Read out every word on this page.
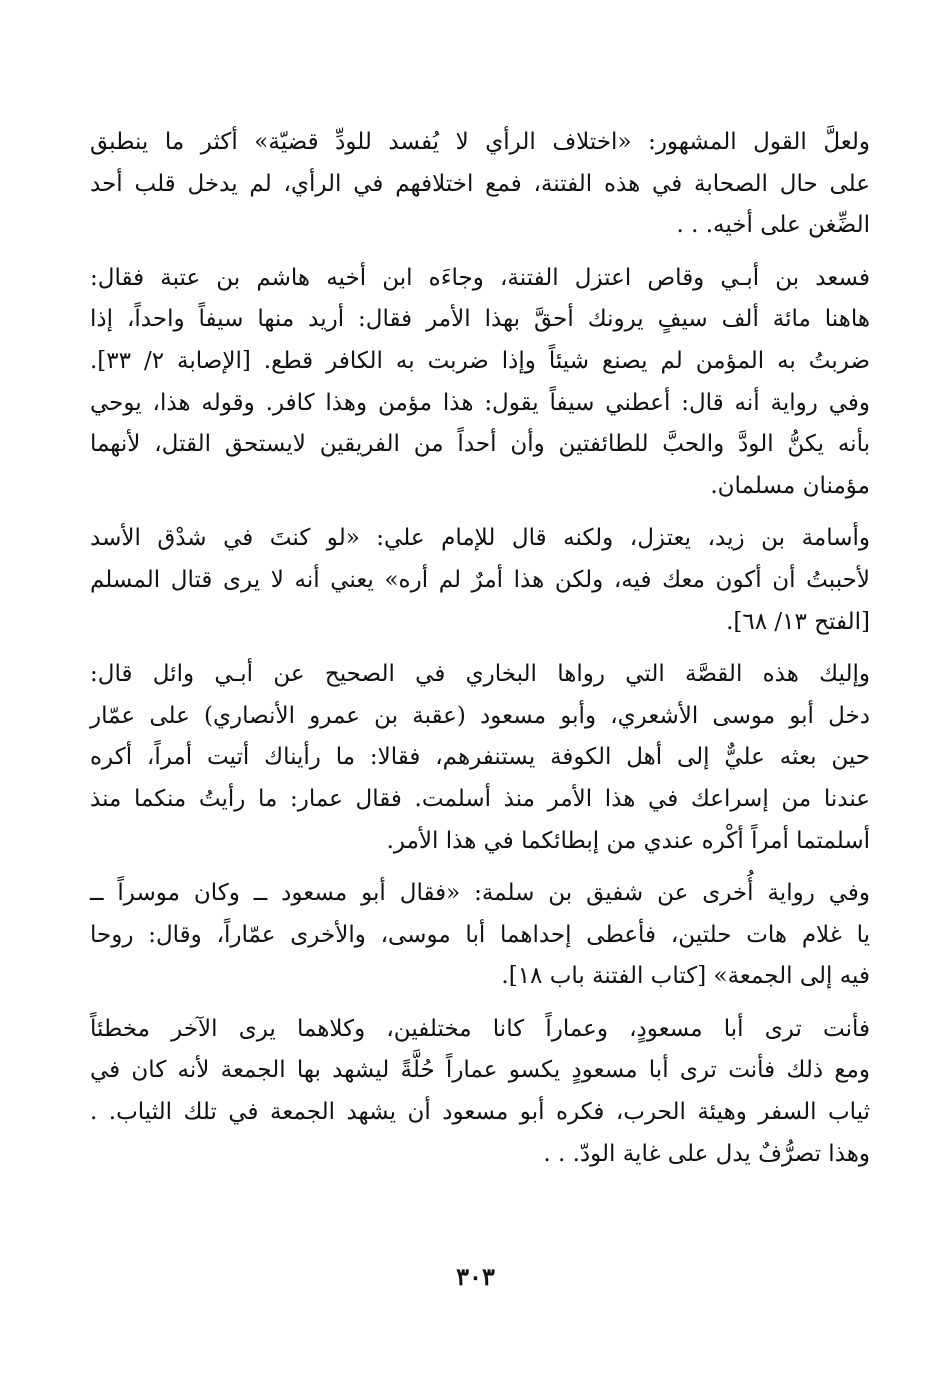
ولعلَّ القول المشهور: «اختلاف الرأي لا يُفسد للودِّ قضيّة» أكثر ما ينطبق
على حال الصحابة في هذه الفتنة، فمع اختلافهم في الرأي، لم يدخل قلب أحد
الضِّغن على أخيه. . .

فسعد بن أبـي وقاص اعتزل الفتنة، وجاءَه ابن أخيه هاشم بن عتبة فقال:
هاهنا مائة ألف سيفٍ يرونك أحقَّ بهذا الأمر فقال: أريد منها سيفاً واحداً، إذا
ضربتُ به المؤمن لم يصنع شيئاً وإذا ضربت به الكافر قطع. [الإصابة ٢/ ٣٣].
وفي رواية أنه قال: أعطني سيفاً يقول: هذا مؤمن وهذا كافر. وقوله هذا، يوحي
بأنه يكنُّ الودَّ والحبَّ للطائفتين وأن أحداً من الفريقين لايستحق القتل، لأنهما
مؤمنان مسلمان.

وأسامة بن زيد، يعتزل، ولكنه قال للإمام علي: «لو كنتَ في شدْق الأسد
لأحببتُ أن أكون معك فيه، ولكن هذا أمرٌ لم أره» يعني أنه لا يرى قتال المسلم
[الفتح ١٣/ ٦٨].

وإليك هذه القصَّة التي رواها البخاري في الصحيح عن أبـي وائل قال:
دخل أبو موسى الأشعري، وأبو مسعود (عقبة بن عمرو الأنصاري) على عمّار
حين بعثه عليٌّ إلى أهل الكوفة يستنفرهم، فقالا: ما رأيناك أتيت أمراً، أكره
عندنا من إسراعك في هذا الأمر منذ أسلمت. فقال عمار: ما رأيتُ منكما منذ
أسلمتما أمراً أكْره عندي من إبطائكما في هذا الأمر.

وفي رواية أُخرى عن شفيق بن سلمة: «فقال أبو مسعود ــ وكان موسراً ــ
يا غلام هات حلتين، فأعطى إحداهما أبا موسى، والأخرى عمّاراً، وقال: روحا
فيه إلى الجمعة» [كتاب الفتنة باب ١٨].

فأنت ترى أبا مسعودٍ، وعماراً كانا مختلفين، وكلاهما يرى الآخر مخطئاً
ومع ذلك فأنت ترى أبا مسعودٍ يكسو عماراً حُلَّةً ليشهد بها الجمعة لأنه كان في
ثياب السفر وهيئة الحرب، فكره أبو مسعود أن يشهد الجمعة في تلك الثياب. .
وهذا تصرُّفٌ يدل على غاية الودّ. . .

٣٠٣
